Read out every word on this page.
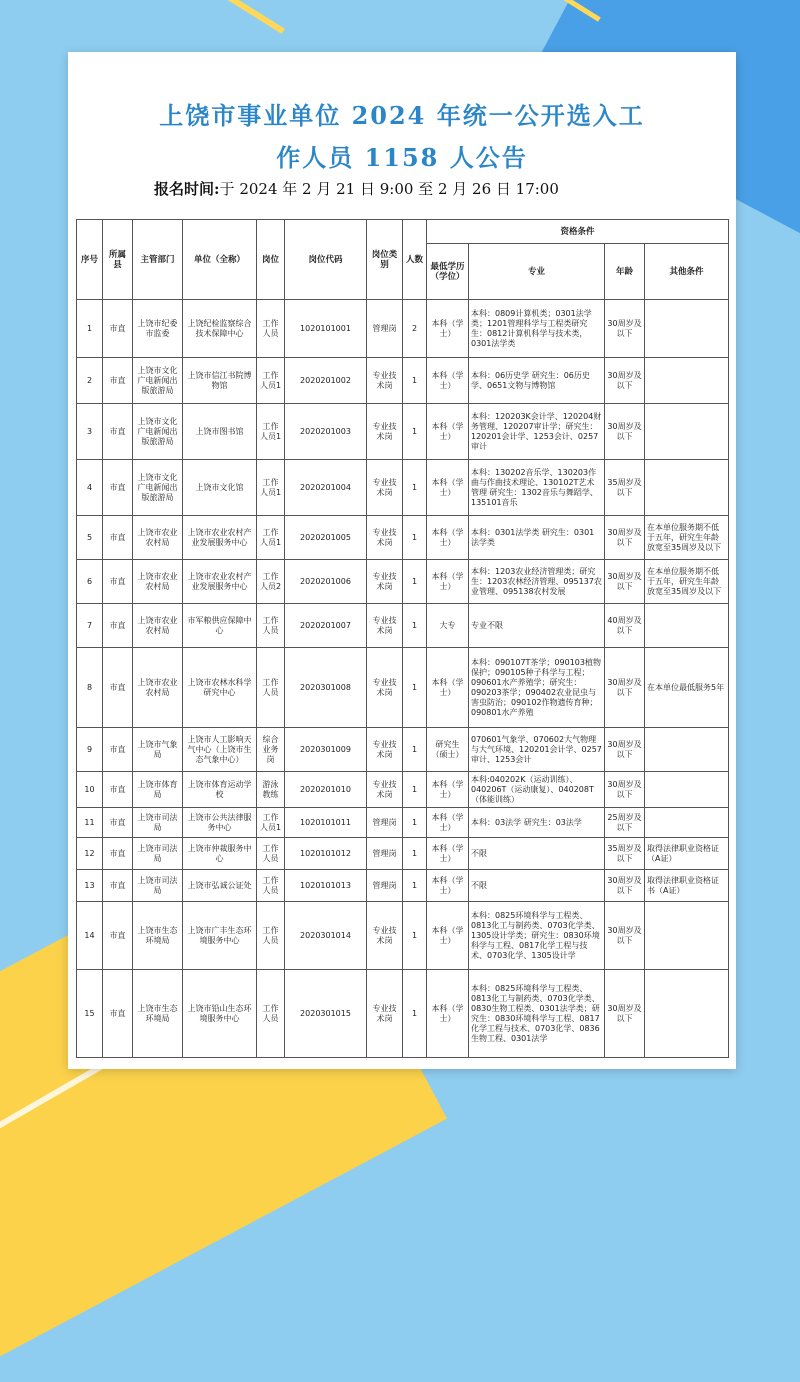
上饶市事业单位 2024 年统一公开选入工
作人员 1158 人公告

报名时间:于 2024 年 2 月 21 日 9:00 至 2 月 26 日 17:00

序号	所属县	主管部门	单位（全称）	岗位	岗位代码	岗位类别	人数	资格条件			
								最低学历（学位）	专业	年龄	其他条件
1	市直	上饶市纪委市监委	上饶纪检监察综合技术保障中心	工作人员	1020101001	管理岗	2	本科（学士）	本科：0809计算机类；0301法学类；1201管理科学与工程类研究生：0812计算机科学与技术类，0301法学类	30周岁及以下	
2	市直	上饶市文化广电新闻出版旅游局	上饶市信江书院博物馆	工作人员1	2020201002	专业技术岗	1	本科（学士）	本科：06历史学 研究生：06历史学、0651文物与博物馆	30周岁及以下	
3	市直	上饶市文化广电新闻出版旅游局	上饶市图书馆	工作人员1	2020201003	专业技术岗	1	本科（学士）	本科：120203K会计学、120204财务管理、120207审计学；研究生：120201会计学、1253会计、0257审计	30周岁及以下	
4	市直	上饶市文化广电新闻出版旅游局	上饶市文化馆	工作人员1	2020201004	专业技术岗	1	本科（学士）	本科：130202音乐学、130203作曲与作曲技术理论、130102T艺术管理 研究生：1302音乐与舞蹈学、135101音乐	35周岁及以下	
5	市直	上饶市农业农村局	上饶市农业农村产业发展服务中心	工作人员1	2020201005	专业技术岗	1	本科（学士）	本科：0301法学类 研究生：0301法学类	30周岁及以下	在本单位服务期不低于五年，研究生年龄放宽至35周岁及以下
6	市直	上饶市农业农村局	上饶市农业农村产业发展服务中心	工作人员2	2020201006	专业技术岗	1	本科（学士）	本科：1203农业经济管理类；研究生：1203农林经济管理、095137农业管理、095138农村发展	30周岁及以下	在本单位服务期不低于五年，研究生年龄放宽至35周岁及以下
7	市直	上饶市农业农村局	市军粮供应保障中心	工作人员	2020201007	专业技术岗	1	大专	专业不限	40周岁及以下	
8	市直	上饶市农业农村局	上饶市农林水科学研究中心	工作人员	2020301008	专业技术岗	1	本科（学士）	本科：090107T茶学；090103植物保护；090105种子科学与工程；090601水产养殖学；研究生：090203茶学；090402农业昆虫与害虫防治；090102作物遗传育种；090801水产养殖	30周岁及以下	在本单位最低服务5年
9	市直	上饶市气象局	上饶市人工影响天气中心（上饶市生态气象中心）	综合业务岗	2020301009	专业技术岗	1	研究生（硕士）	070601气象学、070602大气物理与大气环境、120201会计学、0257审计、1253会计	30周岁及以下	
10	市直	上饶市体育局	上饶市体育运动学校	游泳教练	2020201010	专业技术岗	1	本科（学士）	本科:040202K（运动训练）、040206T（运动康复）、040208T（体能训练）	30周岁及以下	
11	市直	上饶市司法局	上饶市公共法律服务中心	工作人员1	1020101011	管理岗	1	本科（学士）	本科：03法学 研究生：03法学	25周岁及以下	
12	市直	上饶市司法局	上饶市仲裁服务中心	工作人员	1020101012	管理岗	1	本科（学士）	不限	35周岁及以下	取得法律职业资格证（A证）
13	市直	上饶市司法局	上饶市弘诚公证处	工作人员	1020101013	管理岗	1	本科（学士）	不限	30周岁及以下	取得法律职业资格证书（A证）
14	市直	上饶市生态环境局	上饶市广丰生态环境服务中心	工作人员	2020301014	专业技术岗	1	本科（学士）	本科：0825环境科学与工程类、0813化工与制药类、0703化学类、1305设计学类；研究生：0830环境科学与工程、0817化学工程与技术、0703化学、1305设计学	30周岁及以下	
15	市直	上饶市生态环境局	上饶市铅山生态环境服务中心	工作人员	2020301015	专业技术岗	1	本科（学士）	本科：0825环境科学与工程类、0813化工与制药类、0703化学类、0830生物工程类、0301法学类；研究生：0830环境科学与工程、0817化学工程与技术、0703化学、0836生物工程、0301法学	30周岁及以下	
